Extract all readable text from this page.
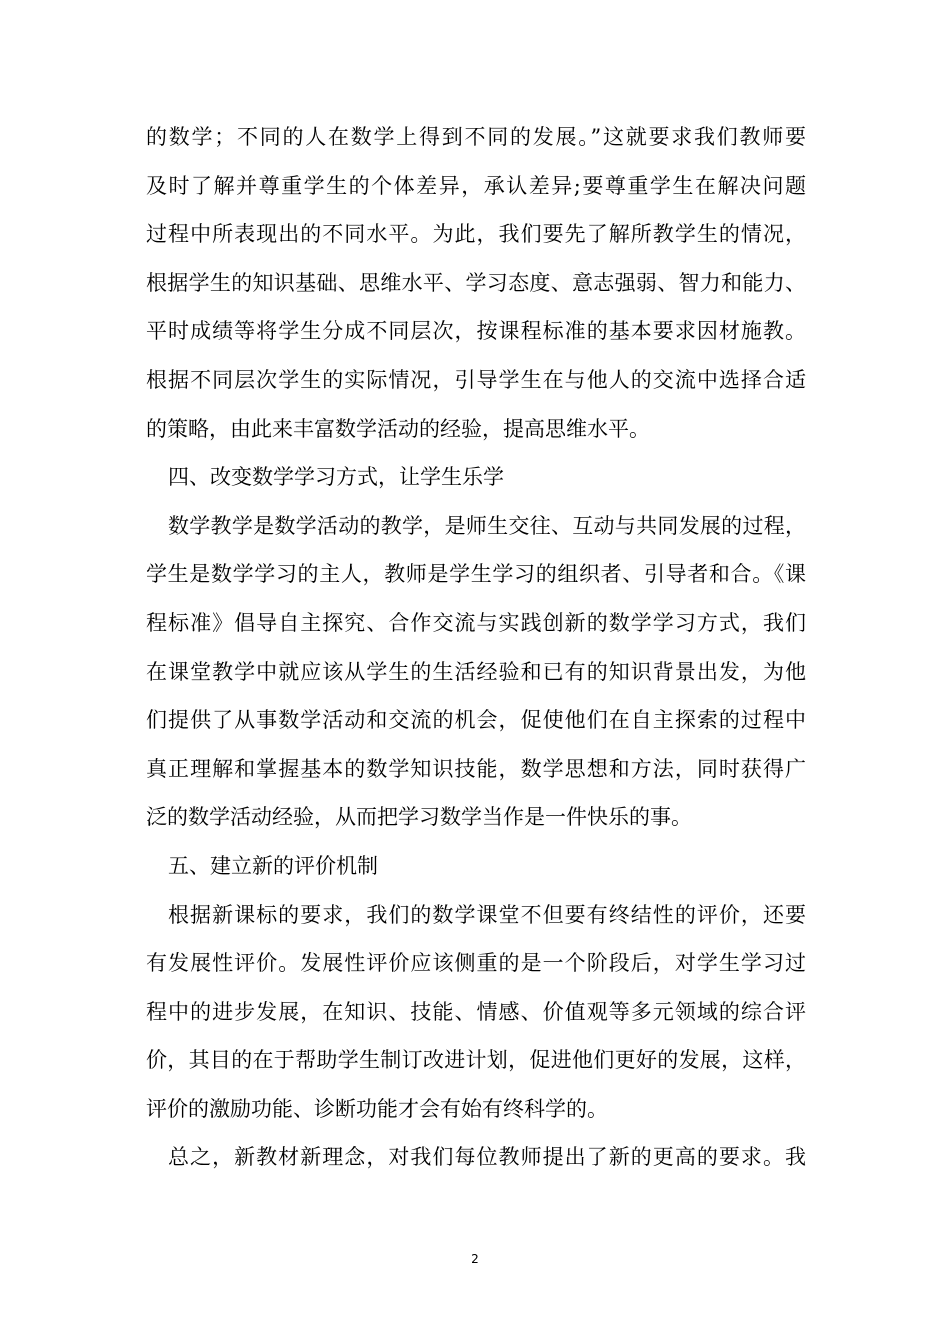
的数学；不同的人在数学上得到不同的发展。”这就要求我们教师要
及时了解并尊重学生的个体差异，承认差异;要尊重学生在解决问题
过程中所表现出的不同水平。为此，我们要先了解所教学生的情况，
根据学生的知识基础、思维水平、学习态度、意志强弱、智力和能力、
平时成绩等将学生分成不同层次，按课程标准的基本要求因材施教。
根据不同层次学生的实际情况，引导学生在与他人的交流中选择合适
的策略，由此来丰富数学活动的经验，提高思维水平。
四、改变数学学习方式，让学生乐学
数学教学是数学活动的教学，是师生交往、互动与共同发展的过程，
学生是数学学习的主人，教师是学生学习的组织者、引导者和合。《课
程标准》倡导自主探究、合作交流与实践创新的数学学习方式，我们
在课堂教学中就应该从学生的生活经验和已有的知识背景出发，为他
们提供了从事数学活动和交流的机会，促使他们在自主探索的过程中
真正理解和掌握基本的数学知识技能，数学思想和方法，同时获得广
泛的数学活动经验，从而把学习数学当作是一件快乐的事。
五、建立新的评价机制
根据新课标的要求，我们的数学课堂不但要有终结性的评价，还要
有发展性评价。发展性评价应该侧重的是一个阶段后，对学生学习过
程中的进步发展，在知识、技能、情感、价值观等多元领域的综合评
价，其目的在于帮助学生制订改进计划，促进他们更好的发展，这样，
评价的激励功能、诊断功能才会有始有终科学的。
总之，新教材新理念，对我们每位教师提出了新的更高的要求。我
2
